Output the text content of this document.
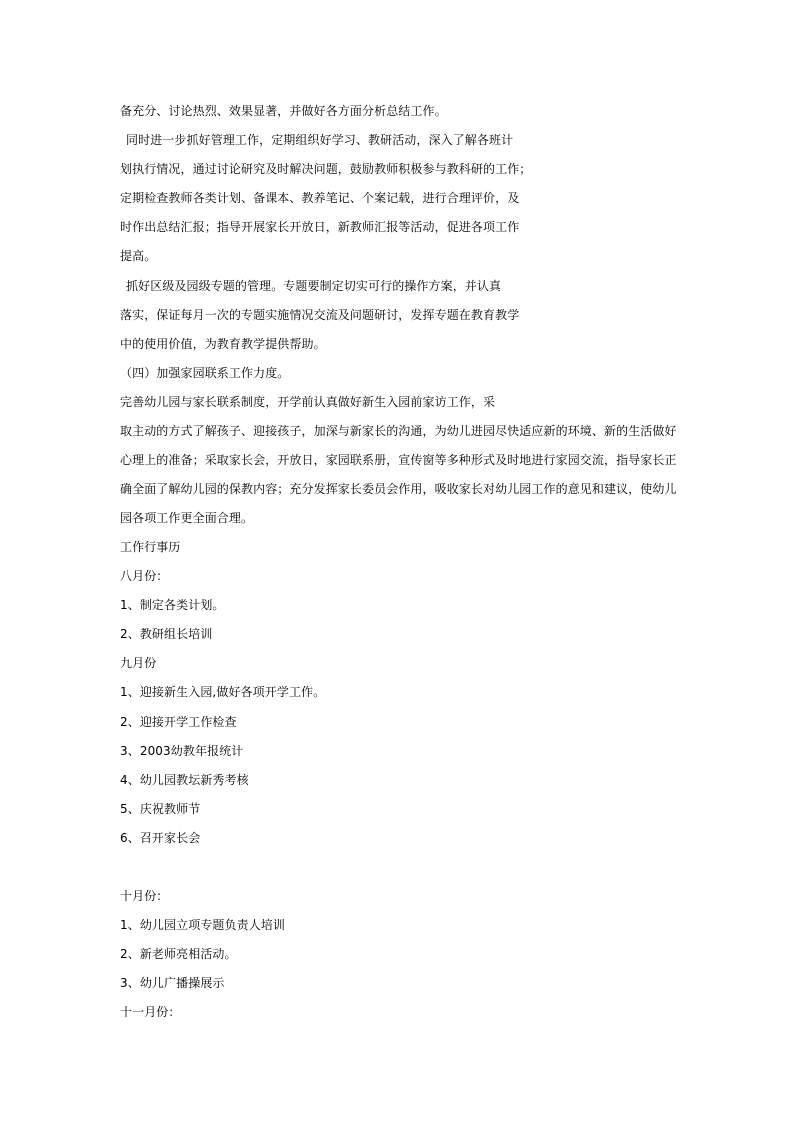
备充分、讨论热烈、效果显著，并做好各方面分析总结工作。
同时进一步抓好管理工作，定期组织好学习、教研活动，深入了解各班计
划执行情况，通过讨论研究及时解决问题，鼓励教师积极参与教科研的工作；
定期检查教师各类计划、备课本、教养笔记、个案记载，进行合理评价，及
时作出总结汇报；指导开展家长开放日，新教师汇报等活动，促进各项工作
提高。
抓好区级及园级专题的管理。专题要制定切实可行的操作方案，并认真
落实，保证每月一次的专题实施情况交流及问题研讨，发挥专题在教育教学
中的使用价值，为教育教学提供帮助。
（四）加强家园联系工作力度。
完善幼儿园与家长联系制度，开学前认真做好新生入园前家访工作，采
取主动的方式了解孩子、迎接孩子，加深与新家长的沟通，为幼儿进园尽快适应新的环境、新的生活做好
心理上的准备；采取家长会，开放日，家园联系册，宣传窗等多种形式及时地进行家园交流，指导家长正
确全面了解幼儿园的保教内容；充分发挥家长委员会作用，吸收家长对幼儿园工作的意见和建议，使幼儿
园各项工作更全面合理。
工作行事历
八月份：
1、制定各类计划。
2、教研组长培训
九月份
1、迎接新生入园,做好各项开学工作。
2、迎接开学工作检查
3、2003幼教年报统计
4、幼儿园教坛新秀考核
5、庆祝教师节
6、召开家长会
十月份：
1、幼儿园立项专题负责人培训
2、新老师亮相活动。
3、幼儿广播操展示
十一月份：
